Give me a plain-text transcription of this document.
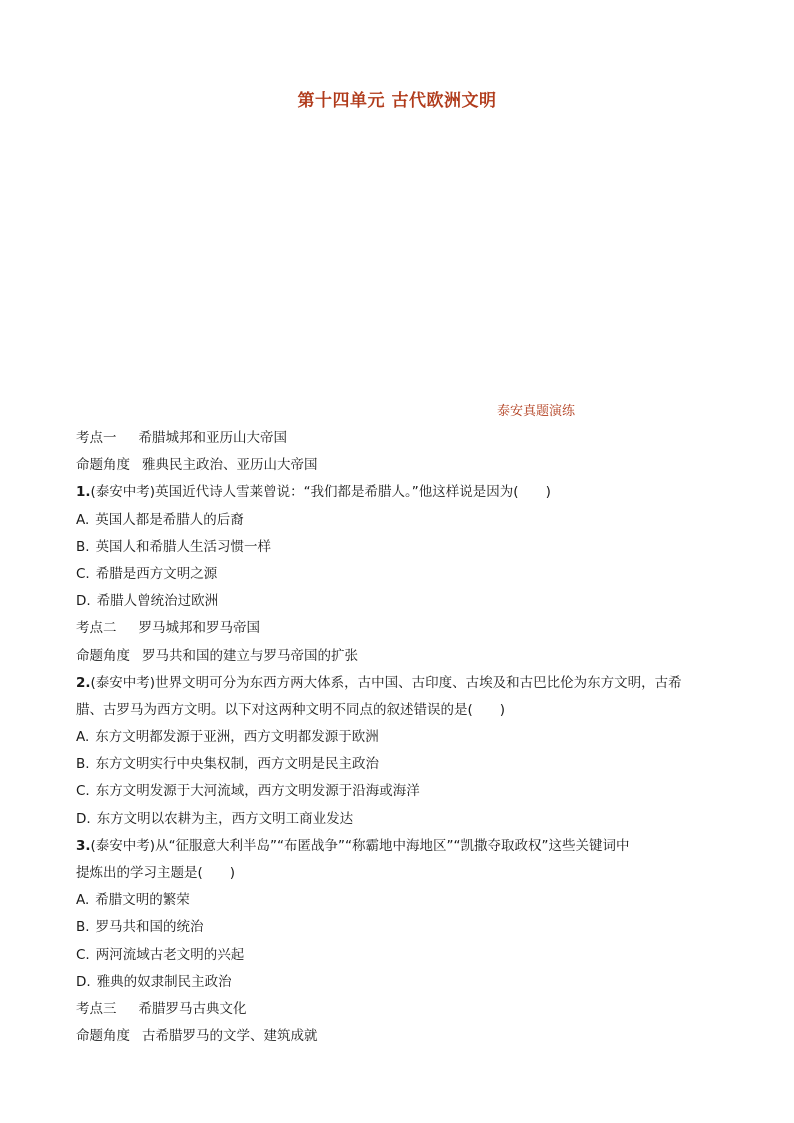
第十四单元 古代欧洲文明
泰安真题演练
考点一 希腊城邦和亚历山大帝国
命题角度 雅典民主政治、亚历山大帝国
1.(泰安中考)英国近代诗人雪莱曾说：“我们都是希腊人。”他这样说是因为(　　)
A. 英国人都是希腊人的后裔
B. 英国人和希腊人生活习惯一样
C. 希腊是西方文明之源
D. 希腊人曾统治过欧洲
考点二 罗马城邦和罗马帝国
命题角度 罗马共和国的建立与罗马帝国的扩张
2.(泰安中考)世界文明可分为东西方两大体系，古中国、古印度、古埃及和古巴比伦为东方文明，古希
腊、古罗马为西方文明。以下对这两种文明不同点的叙述错误的是(　　)
A. 东方文明都发源于亚洲，西方文明都发源于欧洲
B. 东方文明实行中央集权制，西方文明是民主政治
C. 东方文明发源于大河流域，西方文明发源于沿海或海洋
D. 东方文明以农耕为主，西方文明工商业发达
3.(泰安中考)从“征服意大利半岛”“布匿战争”“称霸地中海地区”“凯撒夺取政权”这些关键词中
提炼出的学习主题是(　　)
A. 希腊文明的繁荣
B. 罗马共和国的统治
C. 两河流域古老文明的兴起
D. 雅典的奴隶制民主政治
考点三 希腊罗马古典文化
命题角度 古希腊罗马的文学、建筑成就
